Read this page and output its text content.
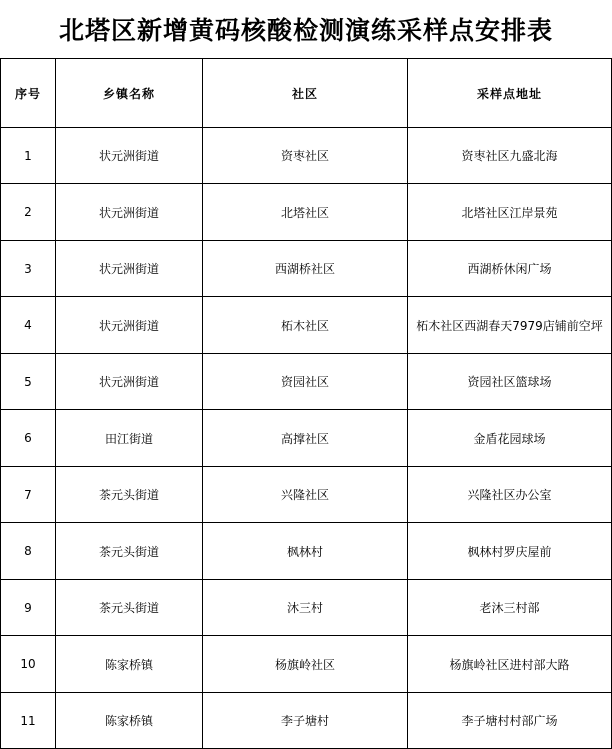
北塔区新增黄码核酸检测演练采样点安排表
序号	乡镇名称	社区	采样点地址
1	状元洲街道	资枣社区	资枣社区九盛北海
2	状元洲街道	北塔社区	北塔社区江岸景苑
3	状元洲街道	西湖桥社区	西湖桥休闲广场
4	状元洲街道	柘木社区	柘木社区西湖春天7979店铺前空坪
5	状元洲街道	资园社区	资园社区篮球场
6	田江街道	高撑社区	金盾花园球场
7	茶元头街道	兴隆社区	兴隆社区办公室
8	茶元头街道	枫林村	枫林村罗庆屋前
9	茶元头街道	沐三村	老沐三村部
10	陈家桥镇	杨旗岭社区	杨旗岭社区进村部大路
11	陈家桥镇	李子塘村	李子塘村村部广场
